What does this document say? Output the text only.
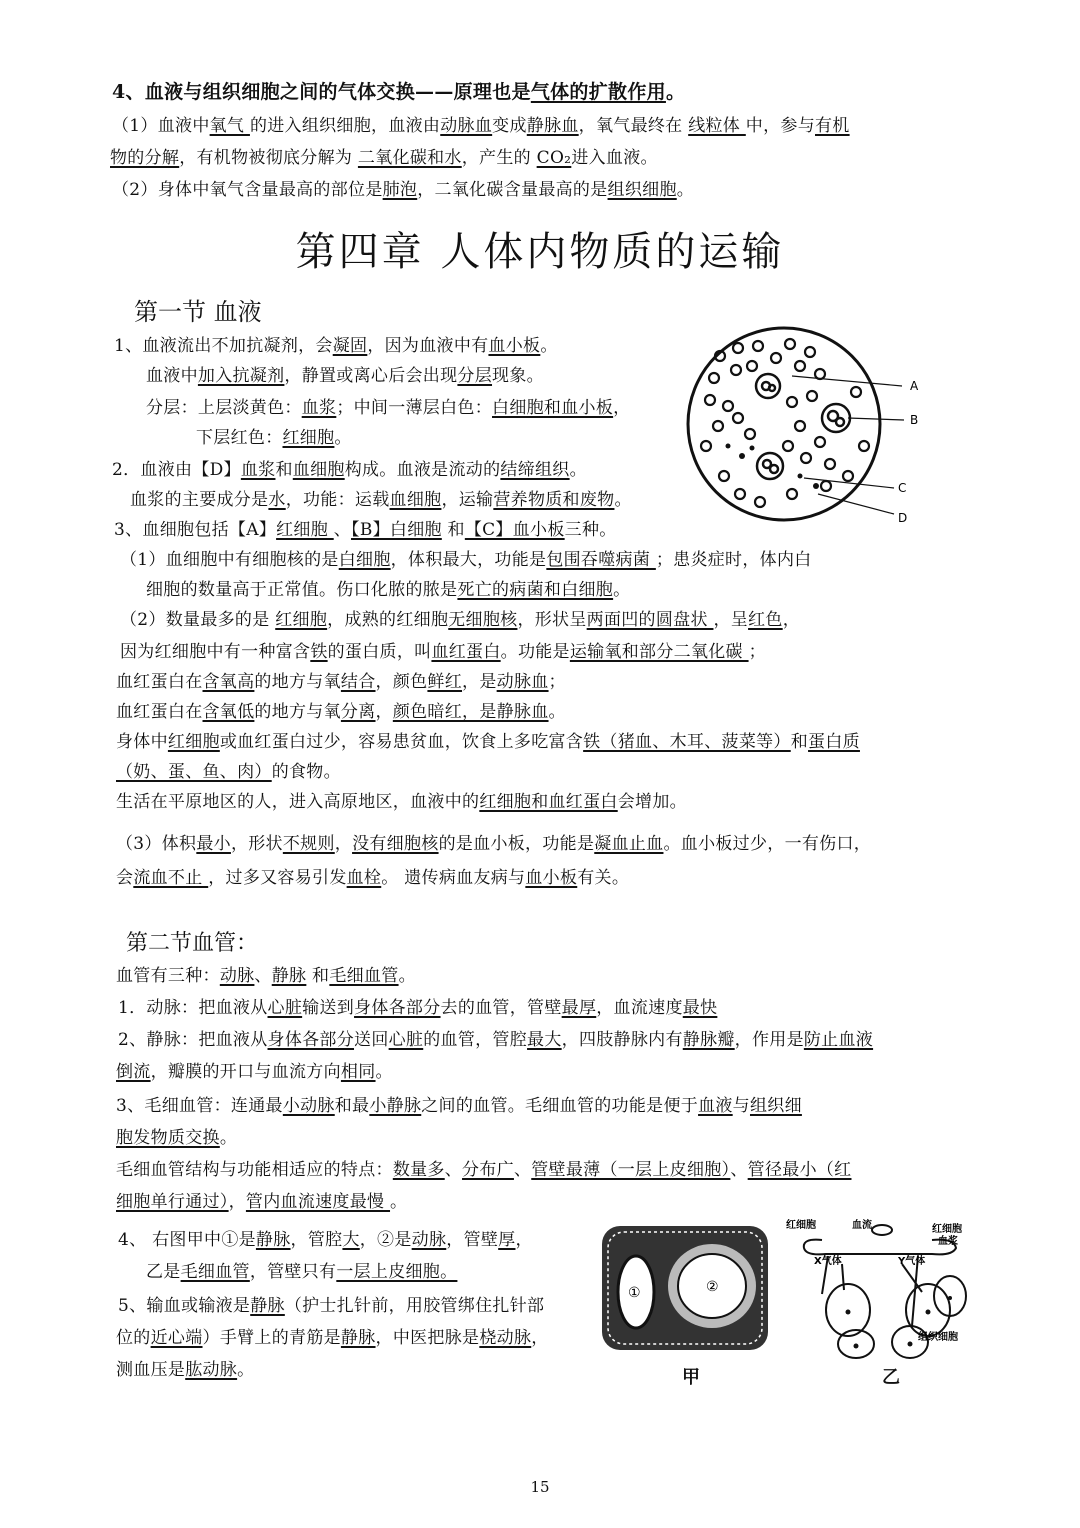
4、血液与组织细胞之间的气体交换——原理也是气体的扩散作用。
（1）血液中氧气 的进入组织细胞，血液由动脉血变成静脉血，氧气最终在 线粒体 中，参与有机
物的分解，有机物被彻底分解为 二氧化碳和水，产生的 CO₂进入血液。
（2）身体中氧气含量最高的部位是肺泡，二氧化碳含量最高的是组织细胞。
第四章 人体内物质的运输
第一节 血液
1、血液流出不加抗凝剂，会凝固，因为血液中有血小板。
血液中加入抗凝剂，静置或离心后会出现分层现象。
分层：上层淡黄色：血浆；中间一薄层白色：白细胞和血小板，
下层红色：红细胞。
2．血液由【D】血浆和血细胞构成。血液是流动的结缔组织。
血浆的主要成分是水，功能：运载血细胞，运输营养物质和废物。
3、血细胞包括【A】红细胞 、【B】白细胞 和【C】血小板三种。
（1）血细胞中有细胞核的是白细胞，体积最大，功能是包围吞噬病菌 ；患炎症时，体内白
细胞的数量高于正常值。伤口化脓的脓是死亡的病菌和白细胞。
（2）数量最多的是 红细胞，成熟的红细胞无细胞核，形状呈两面凹的圆盘状 ，呈红色，
因为红细胞中有一种富含铁的蛋白质，叫血红蛋白。功能是运输氧和部分二氧化碳 ；
血红蛋白在含氧高的地方与氧结合，颜色鲜红，是动脉血；
血红蛋白在含氧低的地方与氧分离，颜色暗红，是静脉血。
身体中红细胞或血红蛋白过少，容易患贫血，饮食上多吃富含铁（猪血、木耳、菠菜等）和蛋白质
（奶、蛋、鱼、肉）的食物。
生活在平原地区的人，进入高原地区，血液中的红细胞和血红蛋白会增加。
（3）体积最小，形状不规则，没有细胞核的是血小板，功能是凝血止血。血小板过少，一有伤口，
会流血不止 ，过多又容易引发血栓。 遗传病血友病与血小板有关。
A
B
C
D
第二节血管：
血管有三种：动脉、静脉 和毛细血管。
1．动脉：把血液从心脏输送到身体各部分去的血管，管壁最厚，血流速度最快
2、静脉：把血液从身体各部分送回心脏的血管，管腔最大，四肢静脉内有静脉瓣，作用是防止血液
倒流，瓣膜的开口与血流方向相同。
3、毛细血管：连通最小动脉和最小静脉之间的血管。毛细血管的功能是便于血液与组织细
胞发物质交换。
毛细血管结构与功能相适应的特点：数量多、分布广、管壁最薄（一层上皮细胞）、管径最小（红
细胞单行通过），管内血流速度最慢 。
4、 右图甲中①是静脉，管腔大，②是动脉，管壁厚，
乙是毛细血管，管壁只有一层上皮细胞。
5、输血或输液是静脉（护士扎针前，用胶管绑住扎针部
位的近心端）手臂上的青筋是静脉，中医把脉是桡动脉，
测血压是肱动脉。
①	②
甲
红细胞	血流	红细胞
血浆
X气体	Y气体
组织细胞
乙
15
